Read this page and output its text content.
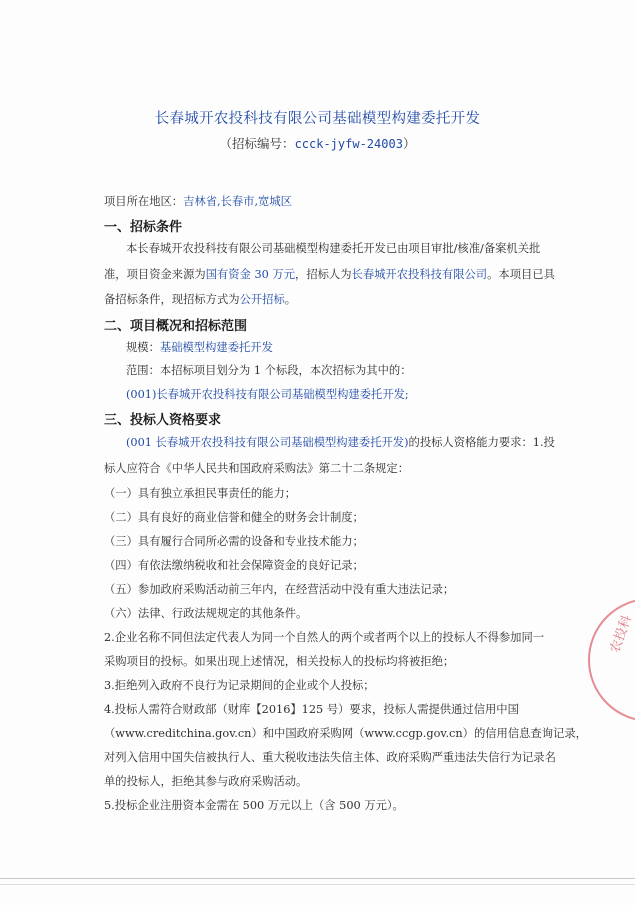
长春城开农投科技有限公司基础模型构建委托开发
（招标编号：ccck-jyfw-24003）
项目所在地区：吉林省,长春市,宽城区
一、招标条件
本长春城开农投科技有限公司基础模型构建委托开发已由项目审批/核准/备案机关批
准，项目资金来源为国有资金 30 万元，招标人为长春城开农投科技有限公司。本项目已具
备招标条件，现招标方式为公开招标。
二、项目概况和招标范围
规模：基础模型构建委托开发
范围：本招标项目划分为 1 个标段，本次招标为其中的：
(001)长春城开农投科技有限公司基础模型构建委托开发;
三、投标人资格要求
(001 长春城开农投科技有限公司基础模型构建委托开发)的投标人资格能力要求：1.投
标人应符合《中华人民共和国政府采购法》第二十二条规定：
（一）具有独立承担民事责任的能力；
（二）具有良好的商业信誉和健全的财务会计制度；
（三）具有履行合同所必需的设备和专业技术能力；
（四）有依法缴纳税收和社会保障资金的良好记录；
（五）参加政府采购活动前三年内，在经营活动中没有重大违法记录；
（六）法律、行政法规规定的其他条件。
2.企业名称不同但法定代表人为同一个自然人的两个或者两个以上的投标人不得参加同一
采购项目的投标。如果出现上述情况，相关投标人的投标均将被拒绝；
3.拒绝列入政府不良行为记录期间的企业或个人投标；
4.投标人需符合财政部（财库【2016】125 号）要求，投标人需提供通过信用中国
（www.creditchina.gov.cn）和中国政府采购网（www.ccgp.gov.cn）的信用信息查询记录，
对列入信用中国失信被执行人、重大税收违法失信主体、政府采购严重违法失信行为记录名
单的投标人，拒绝其参与政府采购活动。
5.投标企业注册资本金需在 500 万元以上（含 500 万元）。
农投科
